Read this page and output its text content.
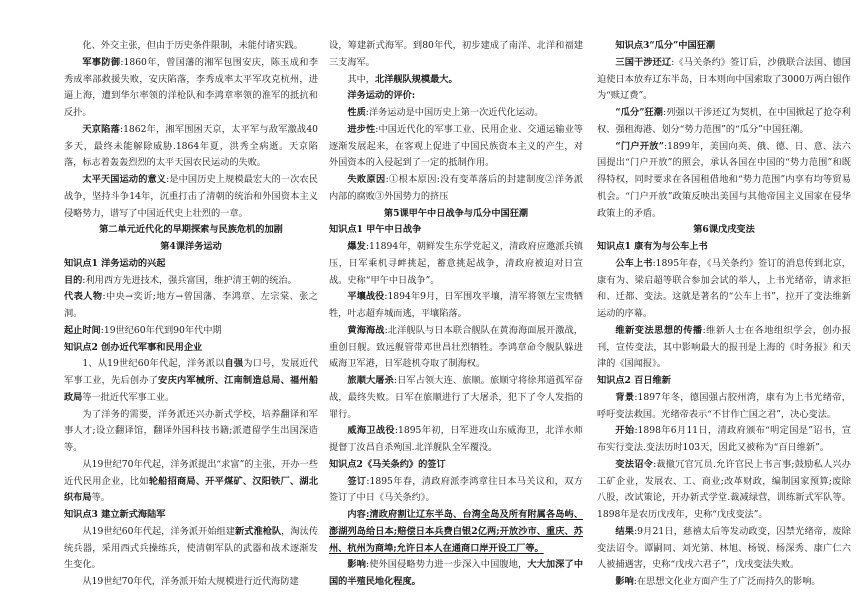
化、外交主张，但由于历史条件限制，未能付诸实践。

军事防御:1860年，曾国藩的湘军包围安庆，陈玉成和李秀成率部救援失败，安庆陷落，李秀成率太平军攻克杭州，进逼上海，遭到华尔率领的洋枪队和李鸿章率领的淮军的抵抗和反扑。

天京陷落:1862年，湘军围困天京，太平军与敌军激战40多天，最终未能解除威胁.1864年夏，洪秀全病逝。天京陷落，标志着轰轰烈烈的太平天国农民运动的失败。

太平天国运动的意义:是中国历史上规模最宏大的一次农民战争，坚持斗争14年，沉重打击了清朝的统治和外国资本主义侵略势力，谱写了中国近代史上壮烈的一章。

第二单元近代化的早期探索与民族危机的加剧

第4课洋务运动

知识点1 洋务运动的兴起

目的:利用西方先进技术，强兵富国，维护清王朝的统治。

代表人物:中央→奕䜣;地方→曾国藩、李鸿章、左宗棠、张之洞。

起止时间:19世纪60年代到90年代中期

知识点2 创办近代军事和民用企业

1、从19世纪60年代起，洋务派以自强为口号，发展近代军事工业，先后创办了安庆内军械所、江南制造总局、福州船政局等一批近代军事工业。

为了洋务的需要，洋务派还兴办新式学校，培养翻译和军事人才;设立翻译馆，翻译外国科技书籍;派遣留学生出国深造等。

从19世纪70年代起，洋务派提出“求富”的主张，开办一些近代民用企业，比如轮船招商局、开平煤矿、汉阳铁厂、湖北织布局等。

知识点3 建立新式海陆军

从19世纪60年代起，洋务派开始组建新式淮枪队，淘汰传统兵器，采用西式兵操练兵，使清朝军队的武器和战术逐渐发生变化。

从19世纪70年代，洋务派开始大规模进行近代海防建

设，筹建新式海军。到80年代，初步建成了南洋、北洋和福建三支海军。

其中，北洋舰队规模最大。

洋务运动的评价:

性质:洋务运动是中国历史上第一次近代化运动。

进步性:中国近代化的军事工业、民用企业、交通运输业等逐渐发展起来，在客观上促进了中国民族资本主义的产生，对外国资本的入侵起到了一定的抵制作用。

失败原因:①根本原因:没有变革落后的封建制度②洋务派内部的腐败③外国势力的挤压

第5课甲午中日战争与瓜分中国狂潮

知识点1 甲午中日战争

爆发:11894年，朝鲜发生东学党起义，清政府应邀派兵镇压，日军乘机寻衅挑起，蓄意挑起战争，清政府被迫对日宣战。史称“甲午中日战争”。

平壤战役:1894年9月，日军围攻平壤，清军将领左宝贵牺牲，叶志超弃城而逃，平壤陷落。

黄海海战:北洋舰队与日本联合舰队在黄海海面展开激战，重创日舰。致远舰管带邓世昌壮烈牺牲。李鸿章命令舰队躲进威海卫军港，日军趁机夺取了制海权。

旅顺大屠杀:日军占领大连、旅顺。旅顺守将徐邦道孤军奋战，最终失败。日军在旅顺进行了大屠杀，犯下了令人发指的罪行。

威海卫战役:1895年初，日军进攻山东威海卫，北洋水师提督丁汝昌自杀殉国.北洋舰队全军覆没。

知识点2《马关条约》的签订

签订:1895年春，清政府派李鸿章往日本马关议和，双方签订了中日《马关条约》。

内容:清政府割让辽东半岛、台湾全岛及所有附属各岛屿、澎湖列岛给日本;赔偿日本兵费白银2亿两;开放沙市、重庆、苏州、杭州为商埠;允许日本人在通商口岸开设工厂等。

影响:使外国侵略势力进一步深入中国腹地，大大加深了中国的半殖民地化程度。

知识点3“瓜分”中国狂潮

三国干涉还辽:《马关条约》签订后，沙俄联合法国、德国迫使日本放弃辽东半岛，日本则向中国索取了3000万两白银作为“赎辽费”。

“瓜分”狂潮:列强以干涉还辽为契机，在中国掀起了抢夺利权、强租海港、划分“势力范围”的“瓜分”中国狂潮。

“门户开放”:1899年，美国向英、俄、德、日、意、法六国提出“门户开放”的照会，承认各国在中国的“势力范围”和既得特权，同时要求在各国租借地和“势力范围”内享有均等贸易机会。“门户开放”政策反映出美国与其他帝国主义国家在侵华政策上的矛盾。

第6课戊戌变法

知识点1 康有为与公车上书

公车上书:1895年春，《马关条约》签订的消息传到北京，康有为、梁启超等联合参加会试的举人，上书光绪帝，请求拒和、迁都、变法。这就是著名的“公车上书”，拉开了变法维新运动的序幕。

维新变法思想的传播:维新人士在各地组织学会，创办报刊，宣传变法，其中影响最大的报刊是上海的《时务报》和天津的《国闻报》。

知识点2 百日维新

背景:1897年冬，德国强占胶州湾，康有为上书光绪帝，呼吁变法救国。光绪帝表示“不甘作亡国之君”，决心变法。

开始:1898年6月11日，清政府颁布“明定国是”诏书，宣布实行变法.变法历时103天，因此又被称为“百日维新”。

变法诏令:裁撤冗官冗员.允许官民上书言事;鼓励私人兴办工矿企业，发展农、工、商业;改革财政，编制国家预算;废除八股，改试策论，开办新式学堂.裁减绿营，训练新式军队等。1898年是农历戊戌年，史称“戊戌变法”。

结果:9月21日，慈禧太后等发动政变，囚禁光绪帝，废除变法诏令。谭嗣同、刘光第、林旭、杨锐、杨深秀、康广仁六人被捕遇害，史称“戊戌六君子”，戊戌变法失败。

影响:在思想文化业方面产生了广泛而持久的影响。
